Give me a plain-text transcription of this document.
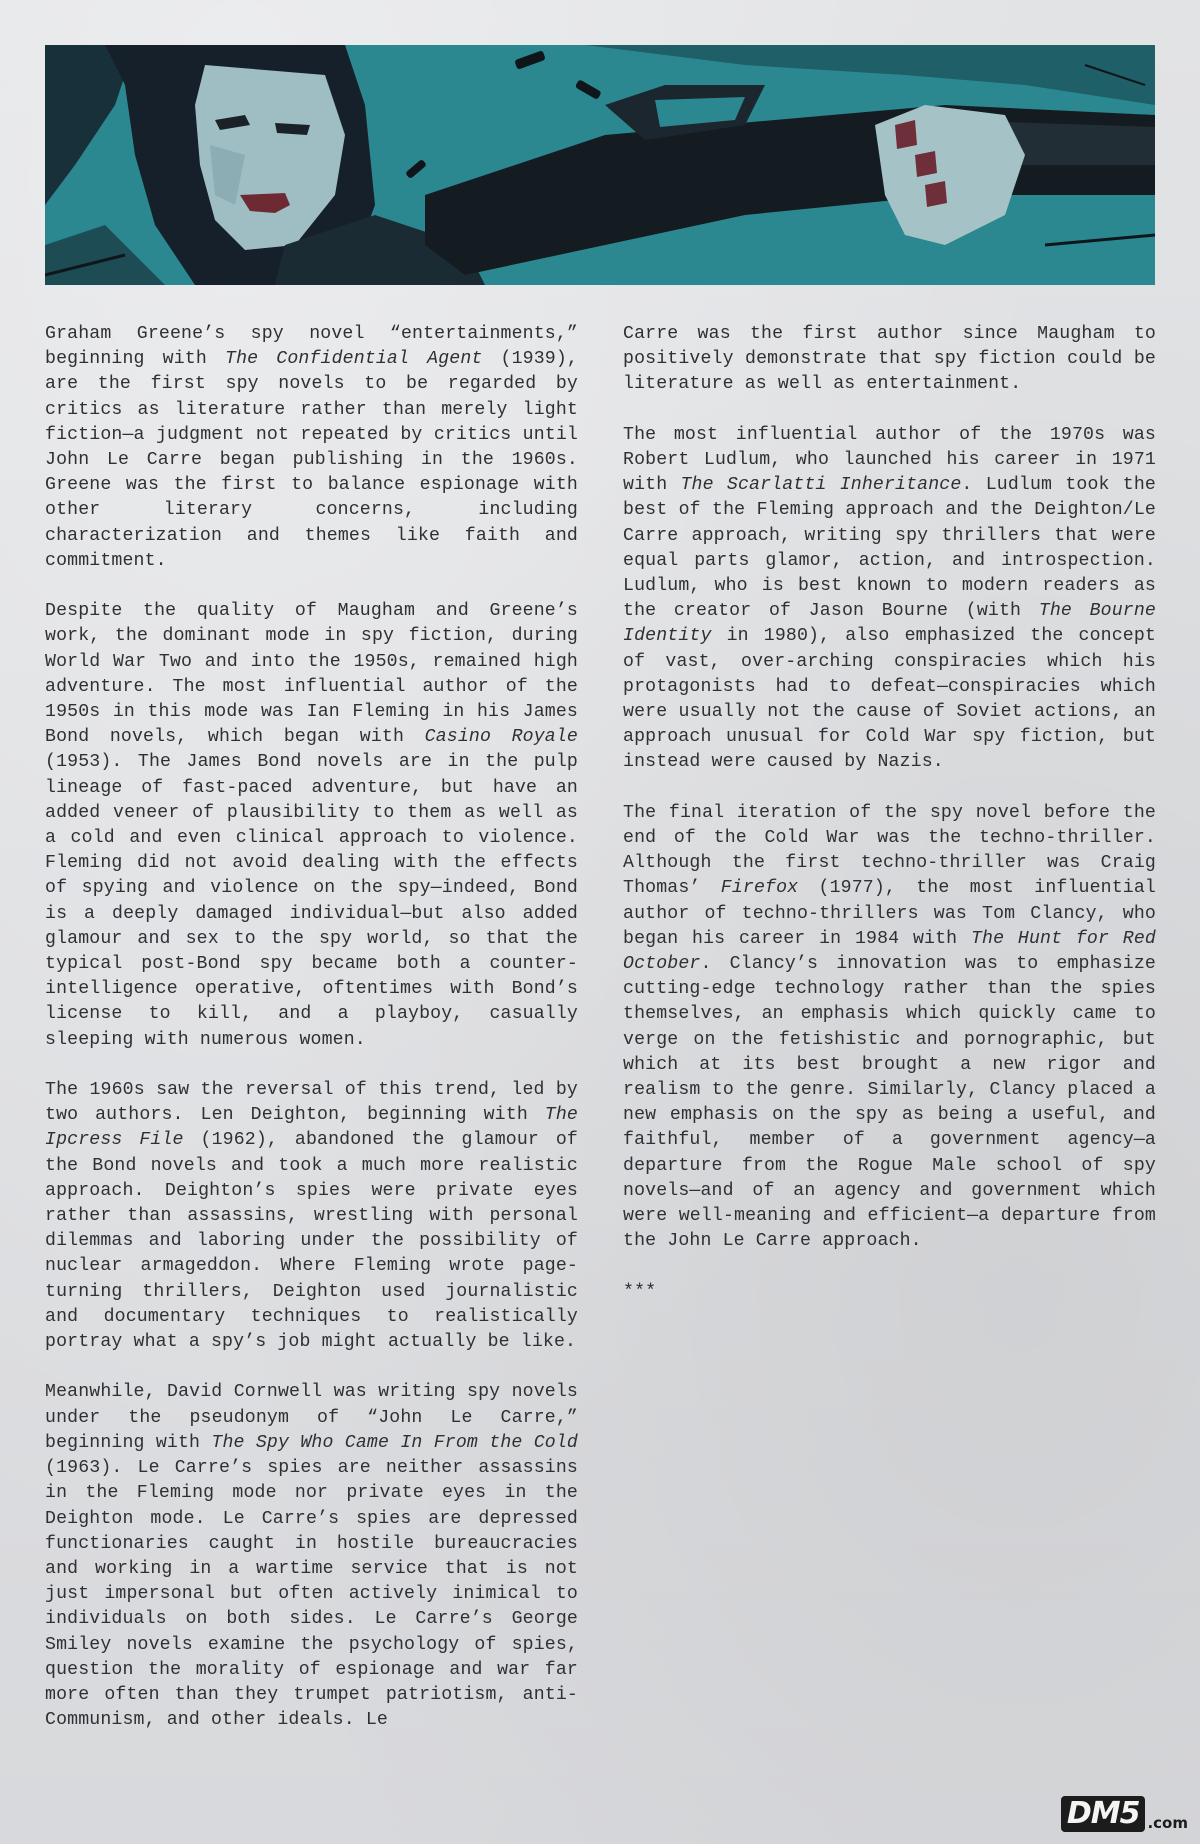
Graham Greene’s spy novel “entertainments,” beginning with The Confidential Agent (1939), are the first spy novels to be regarded by critics as literature rather than merely light fiction—a judgment not repeated by critics until John Le Carre began publishing in the 1960s. Greene was the first to balance espionage with other literary concerns, including characterization and themes like faith and commitment.

Despite the quality of Maugham and Greene’s work, the dominant mode in spy fiction, during World War Two and into the 1950s, remained high adventure. The most influential author of the 1950s in this mode was Ian Fleming in his James Bond novels, which began with Casino Royale (1953). The James Bond novels are in the pulp lineage of fast-paced adventure, but have an added veneer of plausibility to them as well as a cold and even clinical approach to violence. Fleming did not avoid dealing with the effects of spying and violence on the spy—indeed, Bond is a deeply damaged individual—but also added glamour and sex to the spy world, so that the typical post-Bond spy became both a counter-intelligence operative, oftentimes with Bond’s license to kill, and a playboy, casually sleeping with numerous women.

The 1960s saw the reversal of this trend, led by two authors. Len Deighton, beginning with The Ipcress File (1962), abandoned the glamour of the Bond novels and took a much more realistic approach. Deighton’s spies were private eyes rather than assassins, wrestling with personal dilemmas and laboring under the possibility of nuclear armageddon. Where Fleming wrote page-turning thrillers, Deighton used journalistic and documentary techniques to realistically portray what a spy’s job might actually be like.

Meanwhile, David Cornwell was writing spy novels under the pseudonym of “John Le Carre,” beginning with The Spy Who Came In From the Cold (1963). Le Carre’s spies are neither assassins in the Fleming mode nor private eyes in the Deighton mode. Le Carre’s spies are depressed functionaries caught in hostile bureaucracies and working in a wartime service that is not just impersonal but often actively inimical to individuals on both sides. Le Carre’s George Smiley novels examine the psychology of spies, question the morality of espionage and war far more often than they trumpet patriotism, anti-Communism, and other ideals. Le

Carre was the first author since Maugham to positively demonstrate that spy fiction could be literature as well as entertainment.

The most influential author of the 1970s was Robert Ludlum, who launched his career in 1971 with The Scarlatti Inheritance. Ludlum took the best of the Fleming approach and the Deighton/Le Carre approach, writing spy thrillers that were equal parts glamor, action, and introspection. Ludlum, who is best known to modern readers as the creator of Jason Bourne (with The Bourne Identity in 1980), also emphasized the concept of vast, over-arching conspiracies which his protagonists had to defeat—conspiracies which were usually not the cause of Soviet actions, an approach unusual for Cold War spy fiction, but instead were caused by Nazis.

The final iteration of the spy novel before the end of the Cold War was the techno-thriller. Although the first techno-thriller was Craig Thomas’ Firefox (1977), the most influential author of techno-thrillers was Tom Clancy, who began his career in 1984 with The Hunt for Red October. Clancy’s innovation was to emphasize cutting-edge technology rather than the spies themselves, an emphasis which quickly came to verge on the fetishistic and pornographic, but which at its best brought a new rigor and realism to the genre. Similarly, Clancy placed a new emphasis on the spy as being a useful, and faithful, member of a government agency—a departure from the Rogue Male school of spy novels—and of an agency and government which were well-meaning and efficient—a departure from the John Le Carre approach.

***

DM5 .com
